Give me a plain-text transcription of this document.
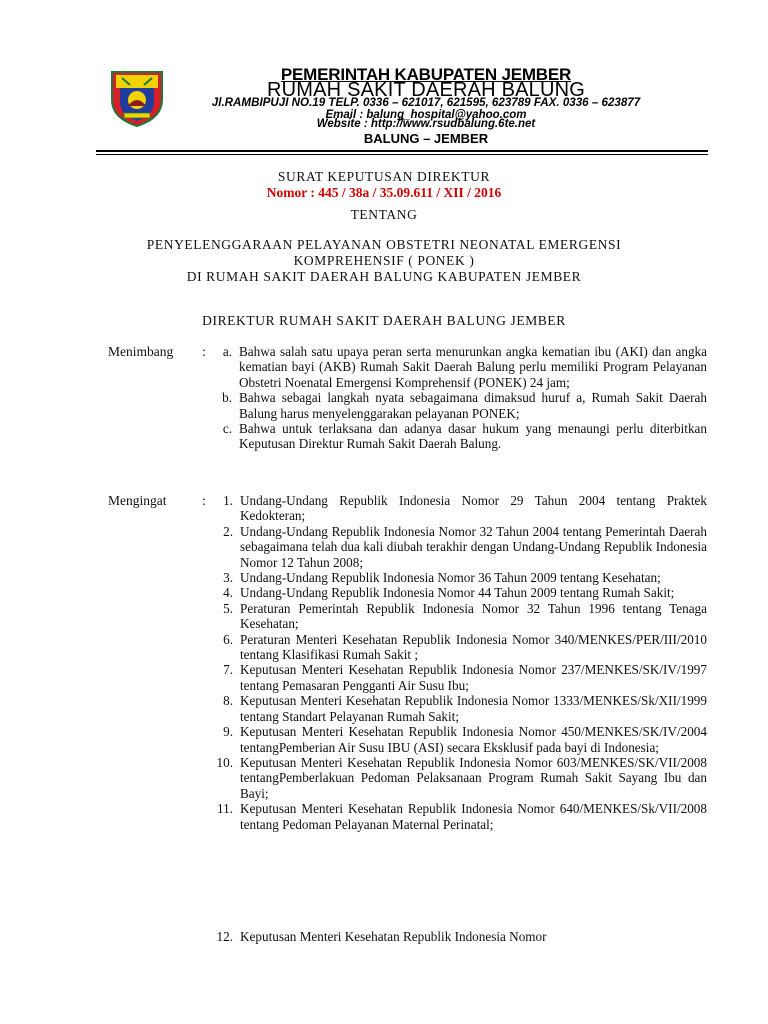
PEMERINTAH KABUPATEN JEMBER
RUMAH SAKIT DAERAH BALUNG
Jl.RAMBIPUJI NO.19 TELP. 0336 – 621017, 621595, 623789 FAX. 0336 – 623877
Email : balung_hospital@yahoo.com
Website : http://www.rsudbalung.6te.net
BALUNG – JEMBER
SURAT KEPUTUSAN DIREKTUR
Nomor : 445 / 38a / 35.09.611 / XII / 2016
TENTANG
PENYELENGGARAAN PELAYANAN OBSTETRI NEONATAL EMERGENSI
KOMPREHENSIF ( PONEK )
DI RUMAH SAKIT DAERAH BALUNG KABUPATEN JEMBER
DIREKTUR RUMAH SAKIT DAERAH BALUNG JEMBER
Menimbang :	a. Bahwa salah satu upaya peran serta menurunkan angka kematian ibu (AKI) dan angka kematian bayi (AKB) Rumah Sakit Daerah Balung perlu memiliki Program Pelayanan Obstetri Noenatal Emergensi Komprehensif (PONEK) 24 jam;
b. Bahwa sebagai langkah nyata sebagaimana dimaksud huruf a, Rumah Sakit Daerah Balung harus menyelenggarakan pelayanan PONEK;
c. Bahwa untuk terlaksana dan adanya dasar hukum yang menaungi perlu diterbitkan Keputusan Direktur Rumah Sakit Daerah Balung.
Mengingat	:	1. Undang-Undang Republik Indonesia Nomor 29 Tahun 2004 tentang Praktek Kedokteran;
2. Undang-Undang Republik Indonesia Nomor 32 Tahun 2004 tentang Pemerintah Daerah sebagaimana telah dua kali diubah terakhir dengan Undang-Undang Republik Indonesia Nomor 12 Tahun 2008;
3. Undang-Undang Republik Indonesia Nomor 36 Tahun 2009 tentang Kesehatan;
4. Undang-Undang Republik Indonesia Nomor 44 Tahun 2009 tentang Rumah Sakit;
5. Peraturan Pemerintah Republik Indonesia Nomor 32 Tahun 1996 tentang Tenaga Kesehatan;
6. Peraturan Menteri Kesehatan Republik Indonesia Nomor 340/MENKES/PER/III/2010 tentang Klasifikasi Rumah Sakit ;
7. Keputusan Menteri Kesehatan Republik Indonesia Nomor 237/MENKES/SK/IV/1997 tentang Pemasaran Pengganti Air Susu Ibu;
8. Keputusan Menteri Kesehatan Republik Indonesia Nomor 1333/MENKES/Sk/XII/1999 tentang Standart Pelayanan Rumah Sakit;
9. Keputusan Menteri Kesehatan Republik Indonesia Nomor 450/MENKES/SK/IV/2004 tentangPemberian Air Susu IBU (ASI) secara Eksklusif pada bayi di Indonesia;
10. Keputusan Menteri Kesehatan Republik Indonesia Nomor 603/MENKES/SK/VII/2008 tentangPemberlakuan Pedoman Pelaksanaan Program Rumah Sakit Sayang Ibu dan Bayi;
11. Keputusan Menteri Kesehatan Republik Indonesia Nomor 640/MENKES/Sk/VII/2008 tentang Pedoman Pelayanan Maternal Perinatal;
12. Keputusan Menteri Kesehatan Republik Indonesia Nomor
